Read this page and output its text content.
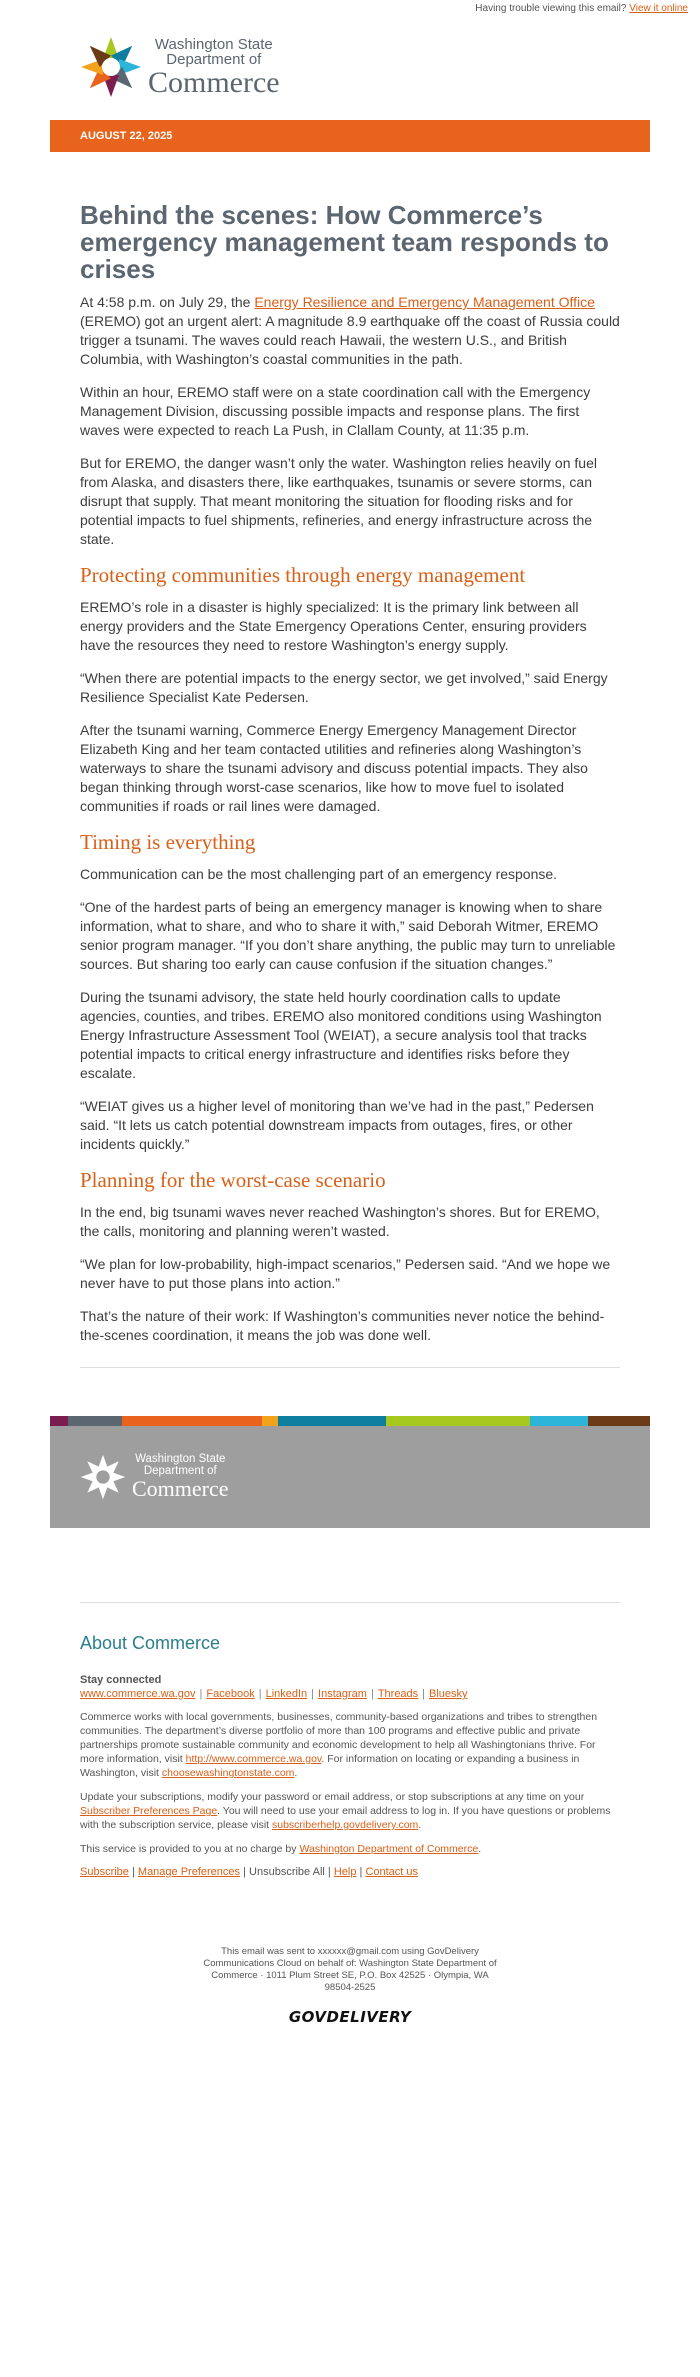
Having trouble viewing this email? View it online
Washington State
Department of
Commerce
AUGUST 22, 2025
Behind the scenes: How Commerce’s emergency management team responds to crises

At 4:58 p.m. on July 29, the Energy Resilience and Emergency Management Office (EREMO) got an urgent alert: A magnitude 8.9 earthquake off the coast of Russia could trigger a tsunami. The waves could reach Hawaii, the western U.S., and British Columbia, with Washington’s coastal communities in the path.

Within an hour, EREMO staff were on a state coordination call with the Emergency Management Division, discussing possible impacts and response plans. The first waves were expected to reach La Push, in Clallam County, at 11:35 p.m.

But for EREMO, the danger wasn’t only the water. Washington relies heavily on fuel from Alaska, and disasters there, like earthquakes, tsunamis or severe storms, can disrupt that supply. That meant monitoring the situation for flooding risks and for potential impacts to fuel shipments, refineries, and energy infrastructure across the state.

Protecting communities through energy management

EREMO’s role in a disaster is highly specialized: It is the primary link between all energy providers and the State Emergency Operations Center, ensuring providers have the resources they need to restore Washington’s energy supply.

“When there are potential impacts to the energy sector, we get involved,” said Energy Resilience Specialist Kate Pedersen.

After the tsunami warning, Commerce Energy Emergency Management Director Elizabeth King and her team contacted utilities and refineries along Washington’s waterways to share the tsunami advisory and discuss potential impacts. They also began thinking through worst-case scenarios, like how to move fuel to isolated communities if roads or rail lines were damaged.

Timing is everything

Communication can be the most challenging part of an emergency response.

“One of the hardest parts of being an emergency manager is knowing when to share information, what to share, and who to share it with,” said Deborah Witmer, EREMO senior program manager. “If you don’t share anything, the public may turn to unreliable sources. But sharing too early can cause confusion if the situation changes.”

During the tsunami advisory, the state held hourly coordination calls to update agencies, counties, and tribes. EREMO also monitored conditions using Washington Energy Infrastructure Assessment Tool (WEIAT), a secure analysis tool that tracks potential impacts to critical energy infrastructure and identifies risks before they escalate.

“WEIAT gives us a higher level of monitoring than we’ve had in the past,” Pedersen said. “It lets us catch potential downstream impacts from outages, fires, or other incidents quickly.”

Planning for the worst-case scenario

In the end, big tsunami waves never reached Washington’s shores. But for EREMO, the calls, monitoring and planning weren’t wasted.

“We plan for low-probability, high-impact scenarios,” Pedersen said. “And we hope we never have to put those plans into action.”

That’s the nature of their work: If Washington’s communities never notice the behind-the-scenes coordination, it means the job was done well.

Washington State
Department of
Commerce
About Commerce

Stay connected

www.commerce.wa.gov | Facebook | LinkedIn | Instagram | Threads | Bluesky

Commerce works with local governments, businesses, community-based organizations and tribes to strengthen communities. The department’s diverse portfolio of more than 100 programs and effective public and private partnerships promote sustainable community and economic development to help all Washingtonians thrive. For more information, visit http://www.commerce.wa.gov. For information on locating or expanding a business in Washington, visit choosewashingtonstate.com.

Update your subscriptions, modify your password or email address, or stop subscriptions at any time on your Subscriber Preferences Page. You will need to use your email address to log in. If you have questions or problems with the subscription service, please visit subscriberhelp.govdelivery.com.

This service is provided to you at no charge by Washington Department of Commerce.

Subscribe | Manage Preferences | Unsubscribe All | Help | Contact us
This email was sent to xxxxxx@gmail.com using GovDelivery Communications Cloud on behalf of: Washington State Department of Commerce · 1011 Plum Street SE, P.O. Box 42525 · Olympia, WA 98504-2525
GOVDELIVERY
